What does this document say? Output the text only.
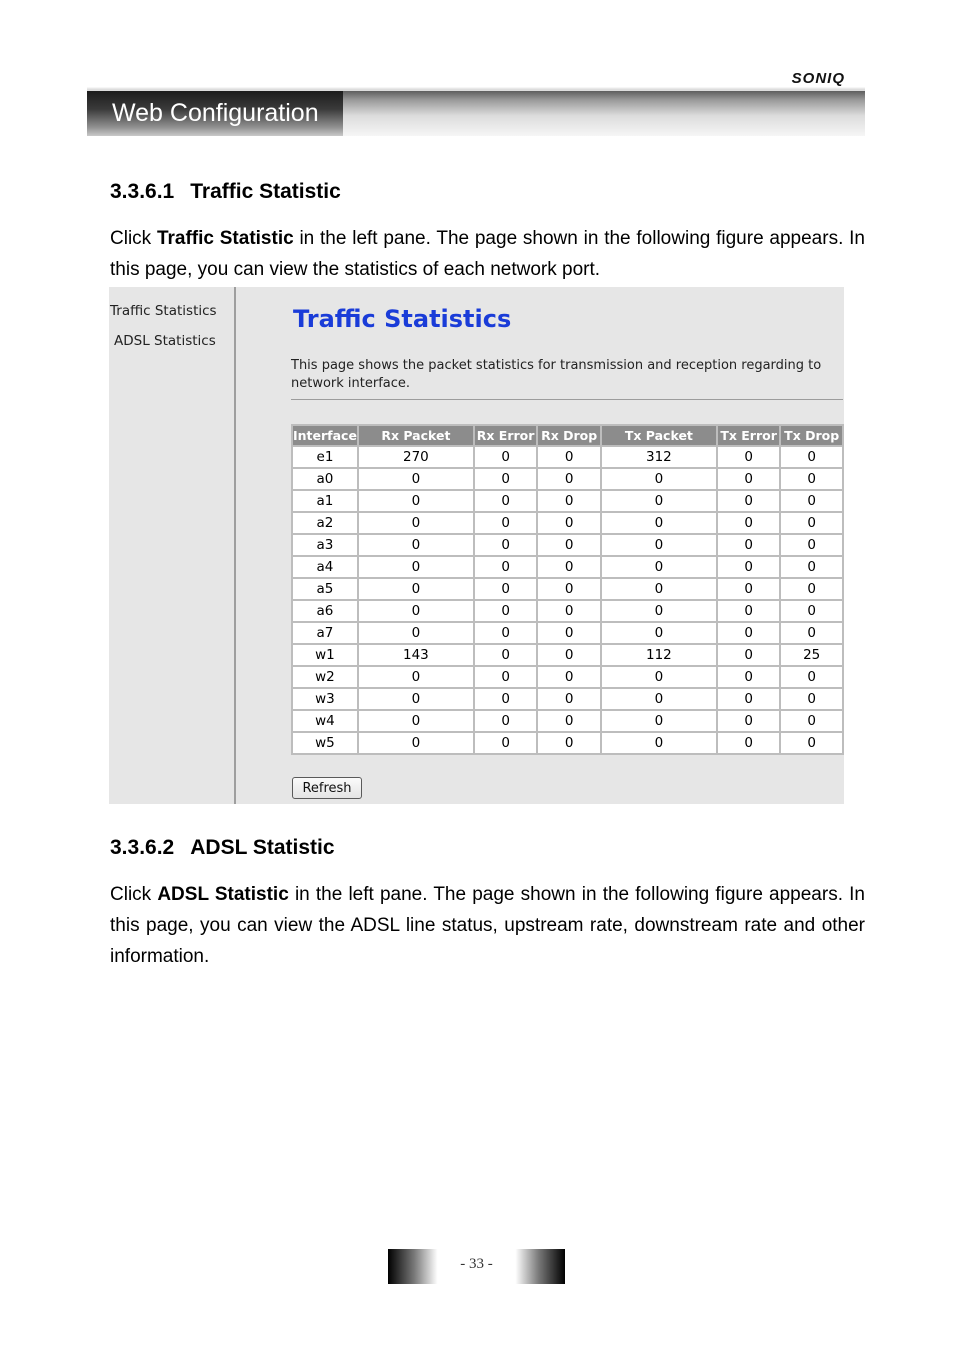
Web Configuration
SONIQ
3.3.6.1 Traffic Statistic
Click Traffic Statistic in the left pane. The page shown in the following figure appears. In this page, you can view the statistics of each network port.
Traffic Statistics
ADSL Statistics
Traffic Statistics
This page shows the packet statistics for transmission and reception regarding to network interface.
Interface	Rx Packet	Rx Error	Rx Drop	Tx Packet	Tx Error	Tx Drop
e1	270	0	0	312	0	0
a0	0	0	0	0	0	0
a1	0	0	0	0	0	0
a2	0	0	0	0	0	0
a3	0	0	0	0	0	0
a4	0	0	0	0	0	0
a5	0	0	0	0	0	0
a6	0	0	0	0	0	0
a7	0	0	0	0	0	0
w1	143	0	0	112	0	25
w2	0	0	0	0	0	0
w3	0	0	0	0	0	0
w4	0	0	0	0	0	0
w5	0	0	0	0	0	0
Refresh
3.3.6.2 ADSL Statistic
Click ADSL Statistic in the left pane. The page shown in the following figure appears. In this page, you can view the ADSL line status, upstream rate, downstream rate and other information.
- 33 -
